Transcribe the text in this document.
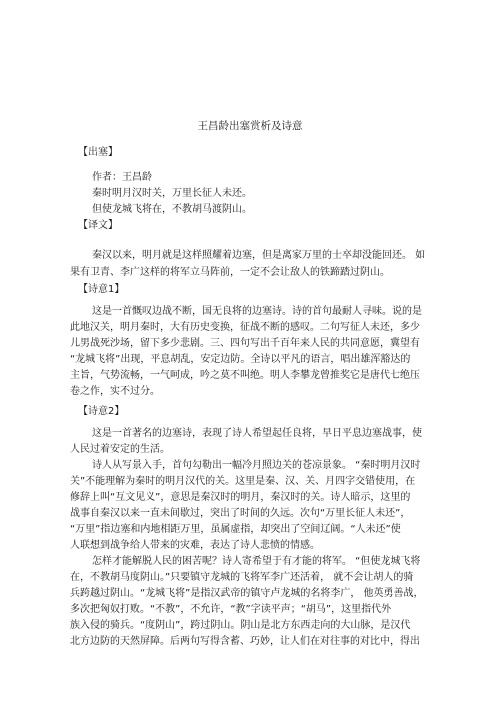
王昌龄出塞赏析及诗意
【出塞】
作者：王昌龄
秦时明月汉时关，万里长征人未还。
但使龙城飞将在，不教胡马渡阴山。
【译文】
秦汉以来，明月就是这样照耀着边塞，但是离家万里的士卒却没能回还。 如
果有卫青、李广这样的将军立马阵前，一定不会让敌人的铁蹄踏过阴山。
【诗意1】
这是一首慨叹边战不断，国无良将的边塞诗。诗的首句最耐人寻味。说的是
此地汉关，明月秦时，大有历史变换，征战不断的感叹。二句写征人未还，多少
儿男战死沙场，留下多少悲剧。三、四句写出千百年来人民的共同意愿，冀望有
“龙城飞将”出现，平息胡乱，安定边防。全诗以平凡的语言，唱出雄浑豁达的
主旨，气势流畅，一气呵成，吟之莫不叫绝。明人李攀龙曾推奖它是唐代七绝压
卷之作，实不过分。
【诗意2】
这是一首著名的边塞诗，表现了诗人希望起任良将，早日平息边塞战事，使
人民过着安定的生活。
诗人从写景入手，首句勾勒出一幅冷月照边关的苍凉景象。 “秦时明月汉时
关”不能理解为秦时的明月汉代的关。这里是秦、汉、关、月四字交错使用，在
修辞上叫“互文见义”，意思是秦汉时的明月，秦汉时的关。诗人暗示，这里的
战事自秦汉以来一直未间歇过，突出了时间的久远。次句“万里长征人未还”，
“万里”指边塞和内地相距万里，虽属虚指，却突出了空间辽阔。“人未还”使
人联想到战争给人带来的灾难，表达了诗人悲愤的情感。
怎样才能解脱人民的困苦呢？诗人寄希望于有才能的将军。 “但使龙城飞将
在，不教胡马度阴山。”只要镇守龙城的飞将军李广还活着， 就不会让胡人的骑
兵跨越过阴山。“龙城飞将”是指汉武帝的镇守卢龙城的名将李广， 他英勇善战，
多次把匈奴打败。“不教”，不允许，“教”字读平声；“胡马”，这里指代外
族入侵的骑兵。“度阴山”，跨过阴山。阴山是北方东西走向的大山脉，是汉代
北方边防的天然屏障。后两句写得含蓄、巧妙，让人们在对往事的对比中，得出
